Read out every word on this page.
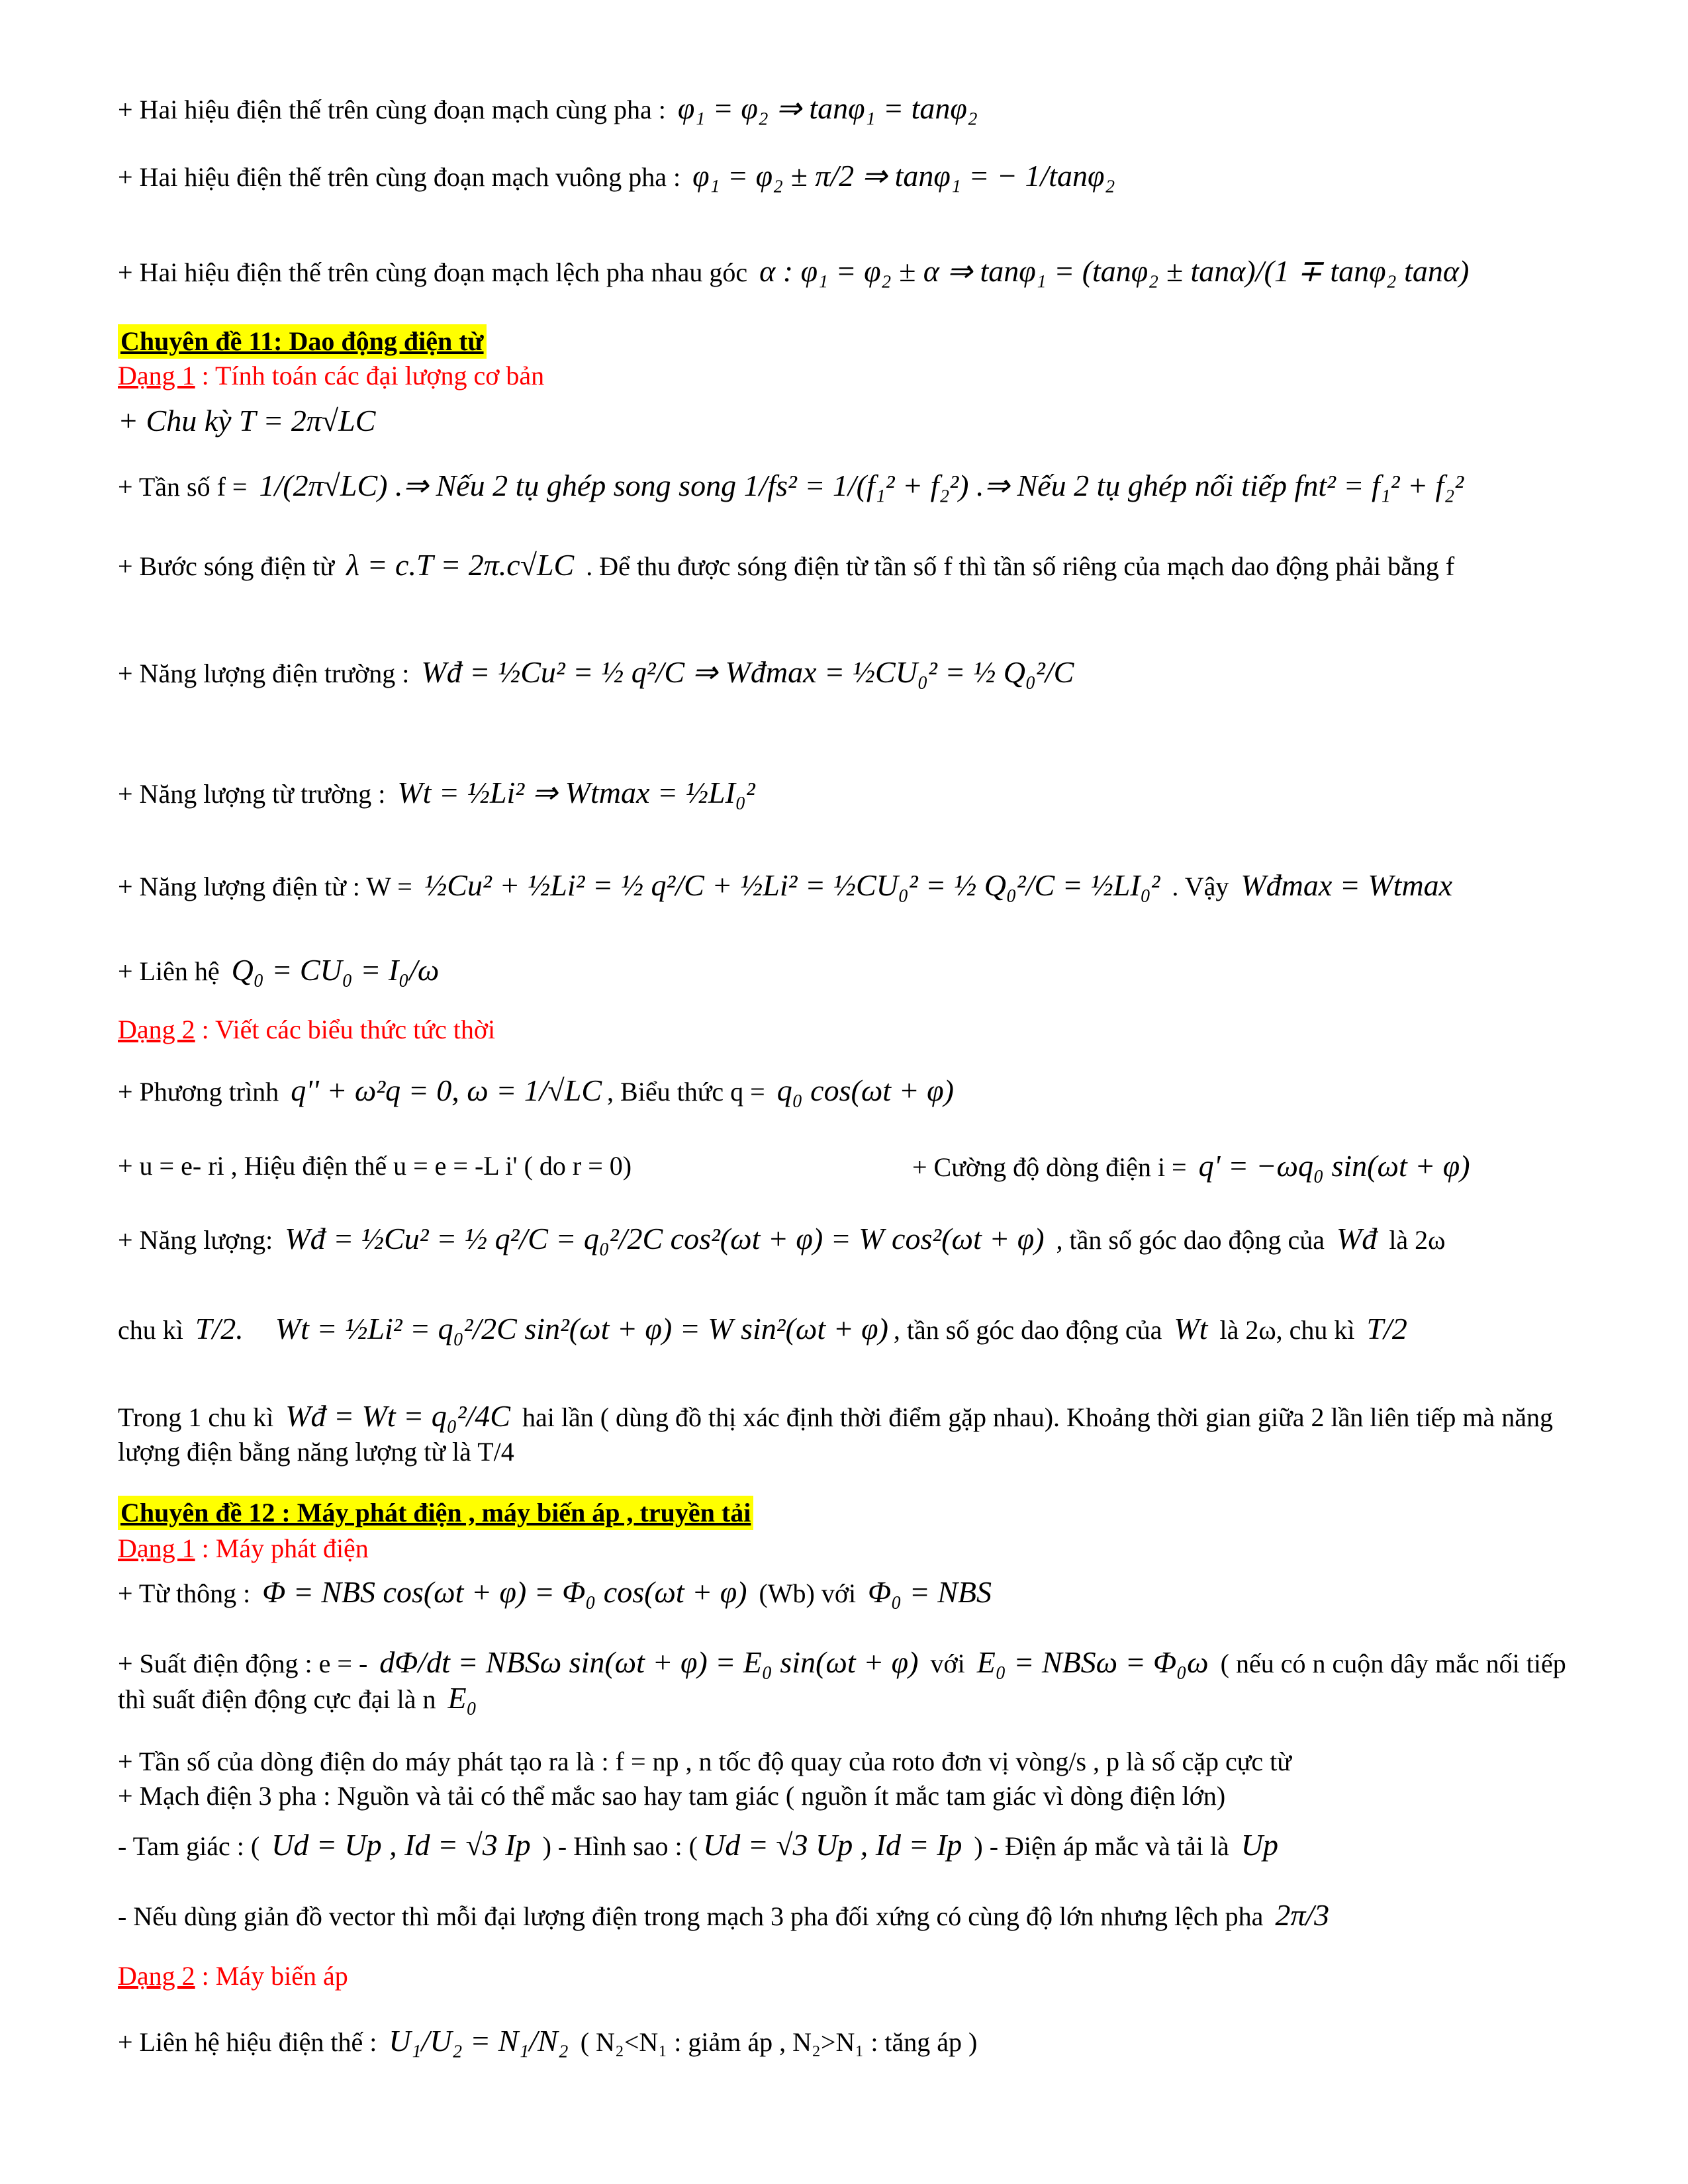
+ Hai hiệu điện thế trên cùng đoạn mạch cùng pha : φ₁ = φ₂ ⇒ tanφ₁ = tanφ₂
+ Hai hiệu điện thế trên cùng đoạn mạch vuông pha : φ₁ = φ₂ ± π/2 ⇒ tanφ₁ = − 1/tanφ₂
+ Hai hiệu điện thế trên cùng đoạn mạch lệch pha nhau góc α : φ₁ = φ₂ ± α ⇒ tanφ₁ = (tanφ₂ ± tanα)/(1 ∓ tanφ₂ tanα)
Chuyên đề 11: Dao động điện từ
Dạng 1 : Tính toán các đại lượng cơ bản
+ Chu kỳ T = 2π√LC
+ Tần số f = 1/(2π√LC) .⇒ Nếu 2 tụ ghép song song 1/fs² = 1/(f₁² + f₂²) .⇒ Nếu 2 tụ ghép nối tiếp fnt² = f₁² + f₂²
+ Bước sóng điện từ λ = c.T = 2π.c√LC . Để thu được sóng điện từ tần số f thì tần số riêng của mạch dao động phải bằng f
+ Năng lượng điện trường : Wđ = ½Cu² = ½ q²/C ⇒ Wđmax = ½CU₀² = ½ Q₀²/C
+ Năng lượng từ trường : Wt = ½Li² ⇒ Wtmax = ½LI₀²
+ Năng lượng điện từ : W = ½Cu² + ½Li² = ½ q²/C + ½Li² = ½CU₀² = ½ Q₀²/C = ½LI₀² . Vậy Wđmax = Wtmax
+ Liên hệ Q₀ = CU₀ = I₀/ω
Dạng 2 : Viết các biểu thức tức thời
+ Phương trình q'' + ω²q = 0, ω = 1/√LC , Biểu thức q = q₀ cos(ωt + φ)
+ u = e- ri , Hiệu điện thế u = e = -L i' ( do r = 0)	+ Cường độ dòng điện i = q' = −ωq₀ sin(ωt + φ)
+ Năng lượng: Wđ = ½Cu² = ½ q²/C = q₀²/2C cos²(ωt + φ) = W cos²(ωt + φ) , tần số góc dao động của Wđ là 2ω
chu kì T/2. Wt = ½Li² = q₀²/2C sin²(ωt + φ) = W sin²(ωt + φ) , tần số góc dao động của Wt là 2ω, chu kì T/2
Trong 1 chu kì Wđ = Wt = q₀²/4C hai lần ( dùng đồ thị xác định thời điểm gặp nhau). Khoảng thời gian giữa 2 lần liên tiếp mà năng lượng điện bằng năng lượng từ là T/4
Chuyên đề 12 : Máy phát điện , máy biến áp , truyền tải
Dạng 1 : Máy phát điện
+ Từ thông : Φ = NBS cos(ωt + φ) = Φ₀ cos(ωt + φ) (Wb) với Φ₀ = NBS
+ Suất điện động : e = - dΦ/dt = NBSω sin(ωt + φ) = E₀ sin(ωt + φ) với E₀ = NBSω = Φ₀ω ( nếu có n cuộn dây mắc nối tiếp thì suất điện động cực đại là n E₀
+ Tần số của dòng điện do máy phát tạo ra là : f = np , n tốc độ quay của roto đơn vị vòng/s , p là số cặp cực từ
+ Mạch điện 3 pha : Nguồn và tải có thể mắc sao hay tam giác ( nguồn ít mắc tam giác vì dòng điện lớn)
- Tam giác : ( Ud = Up , Id = √3 Ip ) - Hình sao : ( Ud = √3 Up , Id = Ip ) - Điện áp mắc và tải là Up
- Nếu dùng giản đồ vector thì mỗi đại lượng điện trong mạch 3 pha đối xứng có cùng độ lớn nhưng lệch pha 2π/3
Dạng 2 : Máy biến áp
+ Liên hệ hiệu điện thế : U₁/U₂ = N₁/N₂ ( N₂<N₁ : giảm áp , N₂>N₁ : tăng áp )
